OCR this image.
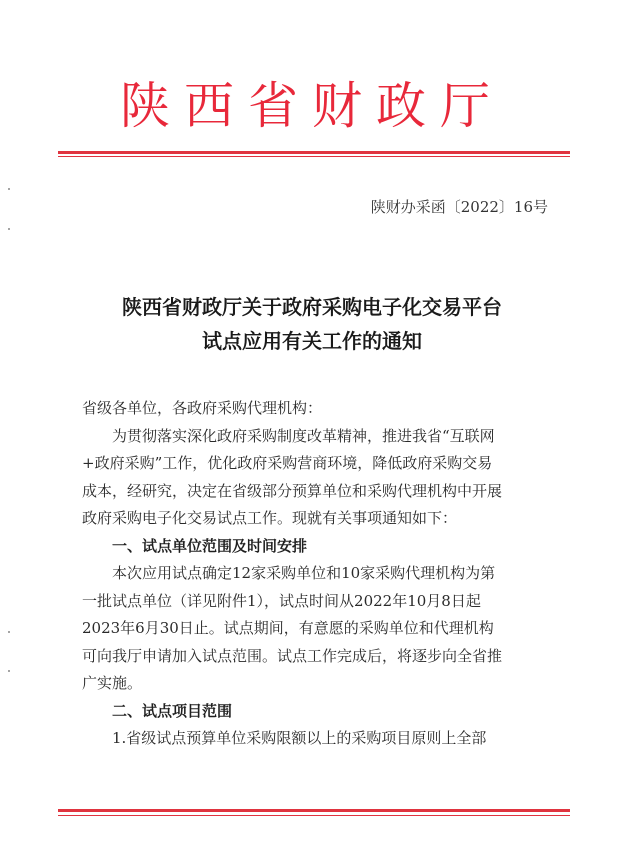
陕西省财政厅
陕财办采函〔2022〕16号
陕西省财政厅关于政府采购电子化交易平台
试点应用有关工作的通知
省级各单位，各政府采购代理机构：
为贯彻落实深化政府采购制度改革精神，推进我省“互联网
+政府采购”工作，优化政府采购营商环境，降低政府采购交易
成本，经研究，决定在省级部分预算单位和采购代理机构中开展
政府采购电子化交易试点工作。现就有关事项通知如下：
一、试点单位范围及时间安排
本次应用试点确定12家采购单位和10家采购代理机构为第
一批试点单位（详见附件1），试点时间从2022年10月8日起
2023年6月30日止。试点期间，有意愿的采购单位和代理机构
可向我厅申请加入试点范围。试点工作完成后，将逐步向全省推
广实施。
二、试点项目范围
1.省级试点预算单位采购限额以上的采购项目原则上全部
